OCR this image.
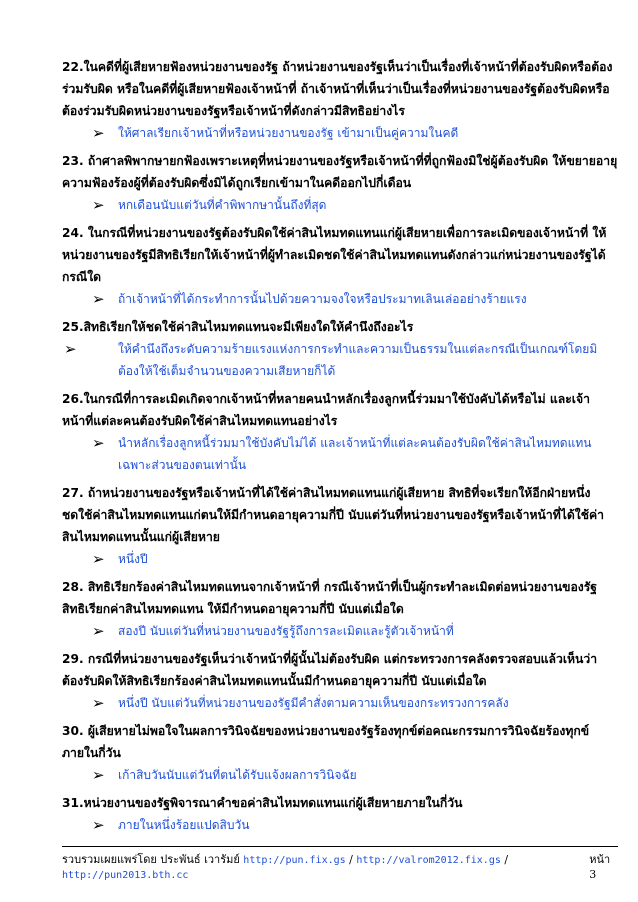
22.ในคดีที่ผู้เสียหายฟ้องหน่วยงานของรัฐ ถ้าหน่วยงานของรัฐเห็นว่าเป็นเรื่องที่เจ้าหน้าที่ต้องรับผิดหรือต้องร่วมรับผิด หรือในคดีที่ผู้เสียหายฟ้องเจ้าหน้าที่ ถ้าเจ้าหน้าที่เห็นว่าเป็นเรื่องที่หน่วยงานของรัฐต้องรับผิดหรือต้องร่วมรับผิดหน่วยงานของรัฐหรือเจ้าหน้าที่ดังกล่าวมีสิทธิอย่างไร

➢	ให้ศาลเรียกเจ้าหน้าที่หรือหน่วยงานของรัฐ เข้ามาเป็นคู่ความในคดี

23. ถ้าศาลพิพากษายกฟ้องเพราะเหตุที่หน่วยงานของรัฐหรือเจ้าหน้าที่ที่ถูกฟ้องมิใช่ผู้ต้องรับผิด ให้ขยายอายุความฟ้องร้องผู้ที่ต้องรับผิดซึ่งมิได้ถูกเรียกเข้ามาในคดีออกไปกี่เดือน

➢	หกเดือนนับแต่วันที่คำพิพากษานั้นถึงที่สุด

24. ในกรณีที่หน่วยงานของรัฐต้องรับผิดใช้ค่าสินไหมทดแทนแก่ผู้เสียหายเพื่อการละเมิดของเจ้าหน้าที่ ให้หน่วยงานของรัฐมีสิทธิเรียกให้เจ้าหน้าที่ผู้ทำละเมิดชดใช้ค่าสินไหมทดแทนดังกล่าวแก่หน่วยงานของรัฐได้กรณีใด

➢	ถ้าเจ้าหน้าที่ได้กระทำการนั้นไปด้วยความจงใจหรือประมาทเลินเล่ออย่างร้ายแรง

25.สิทธิเรียกให้ชดใช้ค่าสินไหมทดแทนจะมีเพียงใดให้คำนึงถึงอะไร

➢	ให้คำนึงถึงระดับความร้ายแรงแห่งการกระทำและความเป็นธรรมในแต่ละกรณีเป็นเกณฑ์โดยมิต้องให้ใช้เต็มจำนวนของความเสียหายก็ได้

26.ในกรณีที่การละเมิดเกิดจากเจ้าหน้าที่หลายคนนำหลักเรื่องลูกหนี้ร่วมมาใช้บังคับได้หรือไม่ และเจ้าหน้าที่แต่ละคนต้องรับผิดใช้ค่าสินไหมทดแทนอย่างไร

➢	นำหลักเรื่องลูกหนี้ร่วมมาใช้บังคับไม่ได้ และเจ้าหน้าที่แต่ละคนต้องรับผิดใช้ค่าสินไหมทดแทนเฉพาะส่วนของตนเท่านั้น

27. ถ้าหน่วยงานของรัฐหรือเจ้าหน้าที่ได้ใช้ค่าสินไหมทดแทนแก่ผู้เสียหาย สิทธิที่จะเรียกให้อีกฝ่ายหนึ่งชดใช้ค่าสินไหมทดแทนแก่ตนให้มีกำหนดอายุความกี่ปี นับแต่วันที่หน่วยงานของรัฐหรือเจ้าหน้าที่ได้ใช้ค่าสินไหมทดแทนนั้นแก่ผู้เสียหาย

➢	หนึ่งปี

28. สิทธิเรียกร้องค่าสินไหมทดแทนจากเจ้าหน้าที่ กรณีเจ้าหน้าที่เป็นผู้กระทำละเมิดต่อหน่วยงานของรัฐ สิทธิเรียกค่าสินไหมทดแทน ให้มีกำหนดอายุความกี่ปี นับแต่เมื่อใด

➢	สองปี นับแต่วันที่หน่วยงานของรัฐรู้ถึงการละเมิดและรู้ตัวเจ้าหน้าที่

29. กรณีที่หน่วยงานของรัฐเห็นว่าเจ้าหน้าที่ผู้นั้นไม่ต้องรับผิด แต่กระทรวงการคลังตรวจสอบแล้วเห็นว่าต้องรับผิดให้สิทธิเรียกร้องค่าสินไหมทดแทนนั้นมีกำหนดอายุความกี่ปี นับแต่เมื่อใด

➢	หนึ่งปี นับแต่วันที่หน่วยงานของรัฐมีคำสั่งตามความเห็นของกระทรวงการคลัง

30. ผู้เสียหายไม่พอใจในผลการวินิจฉัยของหน่วยงานของรัฐร้องทุกข์ต่อคณะกรรมการวินิจฉัยร้องทุกข์ ภายในกี่วัน

➢	เก้าสิบวันนับแต่วันที่ตนได้รับแจ้งผลการวินิจฉัย

31.หน่วยงานของรัฐพิจารณาคำขอค่าสินไหมทดแทนแก่ผู้เสียหายภายในกี่วัน

➢	ภายในหนึ่งร้อยแปดสิบวัน
รวบรวมเผยแพร่โดย ประพันธ์ เวารัมย์ http://pun.fix.gs / http://valrom2012.fix.gs / http://pun2013.bth.cc
หน้า 3
